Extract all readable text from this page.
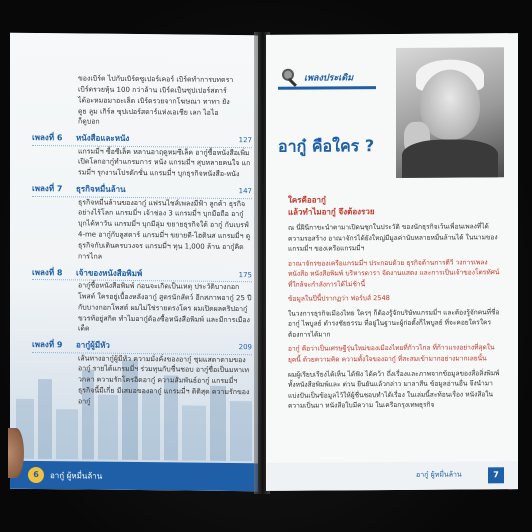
ของเบิร์ด ไปกับเบิร์ดซูเปอร์เคอร์ เบิร์ดทำการบทตรา
เบิร์ดรวยหุ้น 100 กว่าล้าน เบิร์ดเป็นซุปเปอร์สตาร์
ได้อะหมอมาอะเล็ต เบิร์ดรวยจากโฆษณา ทาทา ยัง
ดูย ลูม เกิร์ล ซุปเปอร์สตาร์แห่งเอเชีย เลก ไอไอ
ก็ดูบอก
เพลงที่ 6	หนังสือและหนัง	127
แกรมมี่ฯ ซื้อซีเล็ค หลานอาฤดูหมซีเล็ค อากู๋ซื้อหนังสือเพิ่ม เปิดโลกอากู๋ทำแกรมการ หนัง แกรมมี่ฯ สุบหลายคนใจ แกรมมี่ฯ รุกงานโปรดักชั่น แกรมมี่ฯ บุกธุรกิจหนังสือ-หนัง
เพลงที่ 7	ธุรกิจหมื่นล้าน	147
ธุรกิจหมื่นล้านของอากู๋ แฟรนไชส์เพลงมีฟ้า ลูกค้า ธุรกิจอย่างไร้โลก แกรมมี่ฯ เจ้าช่อง 3 แกรมมี่ฯ บุกมือถือ อากู๋บุกได้หาวัน แกรมมี่ฯ บุกมีลุ่ม ขยายธุรกิจใต้ อากู๋ กับเบรฟ์ 4-me อากู๋กับลูสตาร์ แกรมมี่ฯ ขยายดี-ไฮดินส แกรมมี่ฯ ดูธุรกิจกับเดินครบวงจร แกรมมี่ฯ ทุน 1,000 ล้าน อากู๋คิดการไกล
เพลงที่ 8	เจ้าของหนังสือพิมพ์	175
อากู๋ซื้อหนังสือพิมพ์ ก่อนจะเกิดเป็นเหตุ ประวัติบางกอกโพสต์ ใครอยู่เบื้องหลังอากู๋ สูตรนักสัตว์ อีกสภาพอากู๋ 25 ปีกับบางกอกโพสต์ ผมไม่ใช่รายตรงโคร ผมเปิดผลคริปอากู๋ ขวรท้อยู่สกิด ทำไมอากู๋ต้องซื้อหนังสือพิมพ์ และมีการเมืองเด็ด
เพลงที่ 9	อากู๋ผู้มีหัว	209
เส้นทางอากู๋ผู้มีหัว ความมั่งคั่งของอากู๋ ชุมแสดาตามของอากู๋ รายได้แกรมมี่ฯ ร่วมทุนกับชื่นชอบ อากู๋ชื่อเป็นมหาเทวกลา ความรักโครอิดอากู๋ ความสัมพันธ์อากู๋ แกรมมี่ฯ ธุรกิจนี้มีเกี่ย มีเสมอของอากู๋ แกรมมี่ฯ ติติสุด ความรักของอากู๋
6	อากู๋ ผู้หมื่นล้าน
เพลงประเดิม
อากู๋ คือใคร ?
ใครคืออากู๋
แล้วทำไมอากู๋ จึงต้องรวย

ณ นี่ฝีนีกาขะนำตามาเปิดนชุกในประวัติ ของนักธุรกิจเว้นเพื่อนเพลงที่ได้ความรอสร้าง อาณาจักรได้ยังใหญ่มีมูลค่านับหลายหมื่นล้านได้ ในนามของแกรมมี่ฯ ของเครือแกรมมี่ฯ

อาณาจักรของเครือแกรมมี่ฯ ประกอบด้วย ธุรกิจด้านการตีวี วงการเพลง หนังสือ หนังสือพิมพ์ บริหารดารา จัดงานแสดง และการเป็นเจ้าของโตรทัศน์ ที่ใกล้จะกำลังการได้ไม่ช้านี้

ข้อมูลในปีนี้ปรากฏว่า ฟอร์บส์ 2548

ในวงการธุรกิจเมืองไทย ใครๆ ก็ต้องรู้จักบริษัทแกรมมี่ฯ และต้องรู้จักคนที่ชื่อ อากู๋ ไพบูลย์ ดำรงชัยธรรม ที่อยู่ในฐานะผู้ก่อตั้งก็ไพบูลย์ ที่จะคอยใครใครต้องการได้มาก

อากู๋ คือว่าเป็นเศรษฐีรุ่นใหม่ของเมืองไทยที่ก้าวไกล ที่ก้าวแรงอย่างที่สุดในยุคนี้ ด้วยความคิด ความตั้งใจของอากู๋ ที่สะสมเข้ามากอย่างมากเลยนั้น

ผมผู้เรียบเรียงได้เห็น ได้ฟัง ได้คว้า ถึ่งเรื่องและภาพจากข้อมูลของสื่อสิ่งพิมพ์ ทั้งหนังสือพิมพ์และ ต่วน ยืนยันแล้วกล่าว มาลาสีน ข้อมูลอ่านอื่น จึงนำมาแบ่งปันเป็นข้อมูลไว้ให้ผู้ชื่นชอบทำได้เรื่อง ในเล่มนี้สะท้อนเรื่อง หนังสือในความเป็นมา หนังสือใบมีความ ในเครือกรุงเทพธุรกิจ

อากู๋ ผู้หมื่นล้าน	7
